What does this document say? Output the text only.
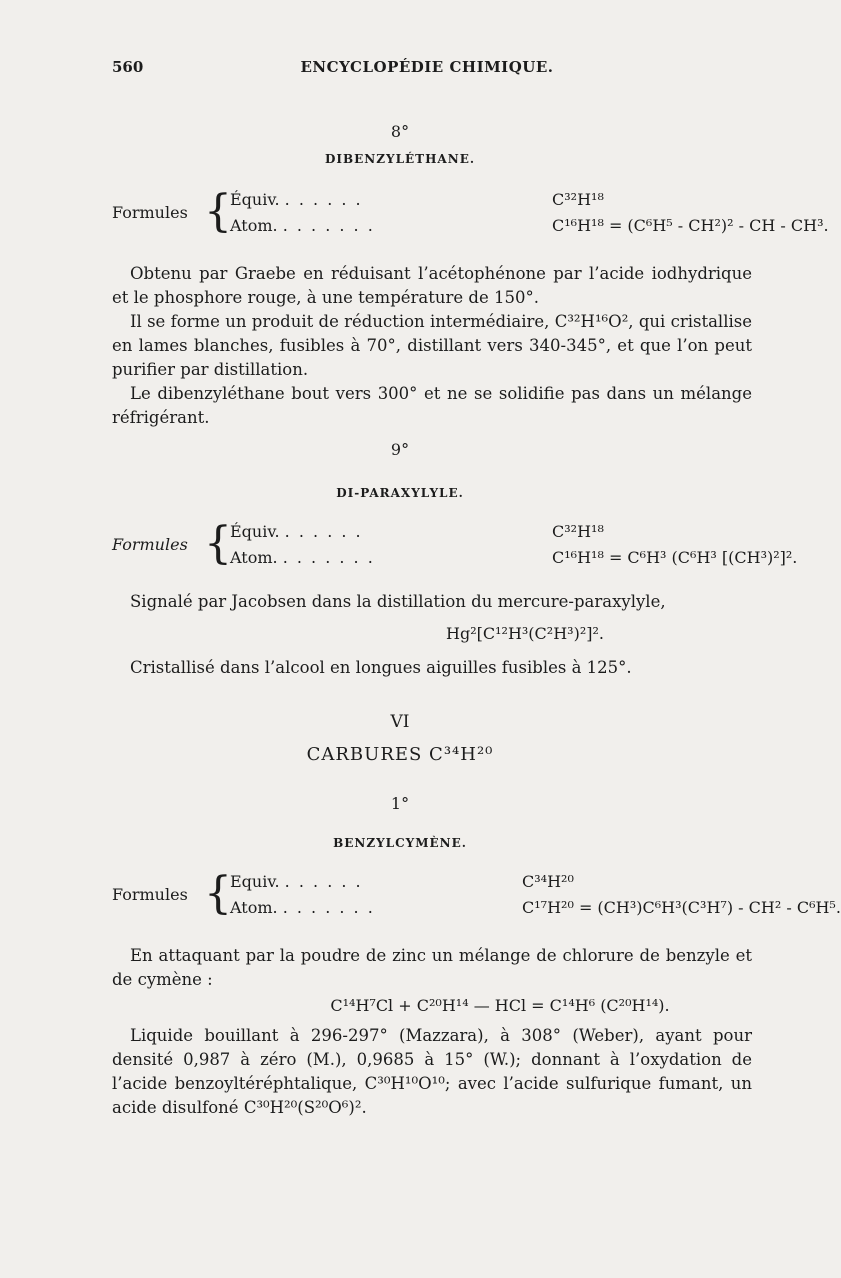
560	ENCYCLOPÉDIE CHIMIQUE.
8°
DIBENZYLÉTHANE.
Formules {
Équiv. . . . . . .	C³²H¹⁸
Atom. . . . . . . .	C¹⁶H¹⁸ = (C⁶H⁵ - CH²)² - CH - CH³.

Obtenu par Graebe en réduisant l’acétophénone par l’acide iodhydrique et le phosphore rouge, à une température de 150°.

Il se forme un produit de réduction intermédiaire, C³²H¹⁶O², qui cristallise en lames blanches, fusibles à 70°, distillant vers 340-345°, et que l’on peut purifier par distillation.

Le dibenzyléthane bout vers 300° et ne se solidifie pas dans un mélange réfrigérant.

9°
DI-PARAXYLYLE.
Formules {
Équiv. . . . . . .	C³²H¹⁸
Atom. . . . . . . .	C¹⁶H¹⁸ = C⁶H³ (C⁶H³ [(CH³)²]².

Signalé par Jacobsen dans la distillation du mercure-paraxylyle,

Hg²[C¹²H³(C²H³)²]².

Cristallisé dans l’alcool en longues aiguilles fusibles à 125°.

VI
CARBURES C³⁴H²⁰
1°
BENZYLCYMÈNE.
Formules {
Equiv. . . . . . .	C³⁴H²⁰
Atom. . . . . . . .	C¹⁷H²⁰ = (CH³)C⁶H³(C³H⁷) - CH² - C⁶H⁵.

En attaquant par la poudre de zinc un mélange de chlorure de benzyle et de cymène :

C¹⁴H⁷Cl + C²⁰H¹⁴ — HCl = C¹⁴H⁶ (C²⁰H¹⁴).

Liquide bouillant à 296-297° (Mazzara), à 308° (Weber), ayant pour densité 0,987 à zéro (M.), 0,9685 à 15° (W.); donnant à l’oxydation de l’acide benzoyltéréphtalique, C³⁰H¹⁰O¹⁰; avec l’acide sulfurique fumant, un acide disulfoné C³⁰H²⁰(S²⁰O⁶)².
